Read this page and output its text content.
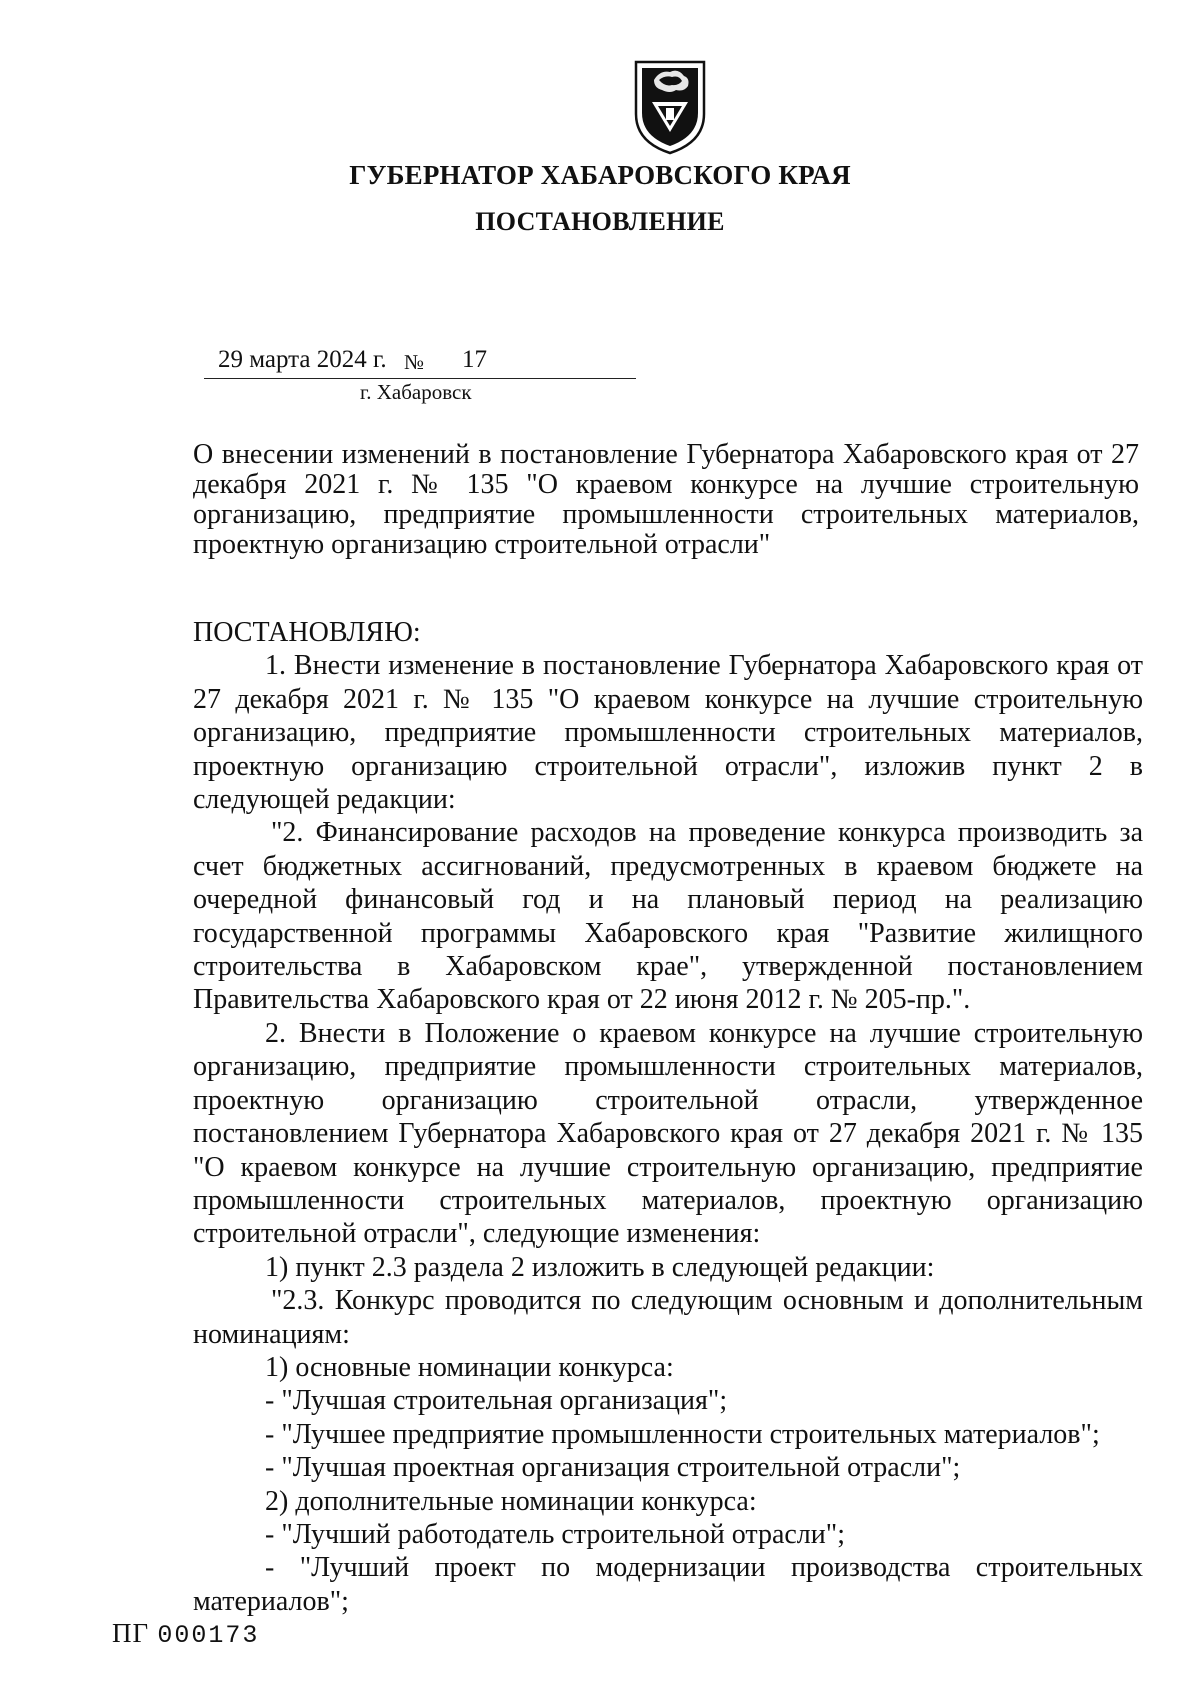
ГУБЕРНАТОР ХАБАРОВСКОГО КРАЯ
ПОСТАНОВЛЕНИЕ
29 марта 2024 г. № 17
г. Хабаровск
О внесении изменений в постановление Губернатора Хабаровского края от 27 декабря 2021 г. № 135 "О краевом конкурсе на лучшие строительную организацию, предприятие промышленности строительных материалов, проектную организацию строительной отрасли"

ПОСТАНОВЛЯЮ:

1. Внести изменение в постановление Губернатора Хабаровского края от 27 декабря 2021 г. № 135 "О краевом конкурсе на лучшие строительную организацию, предприятие промышленности строительных материалов, проектную организацию строительной отрасли", изложив пункт 2 в следующей редакции:

"2. Финансирование расходов на проведение конкурса производить за счет бюджетных ассигнований, предусмотренных в краевом бюджете на очередной финансовый год и на плановый период на реализацию государственной программы Хабаровского края "Развитие жилищного строительства в Хабаровском крае", утвержденной постановлением Правительства Хабаровского края от 22 июня 2012 г. № 205-пр.".

2. Внести в Положение о краевом конкурсе на лучшие строительную организацию, предприятие промышленности строительных материалов, проектную организацию строительной отрасли, утвержденное постановлением Губернатора Хабаровского края от 27 декабря 2021 г. № 135 "О краевом конкурсе на лучшие строительную организацию, предприятие промышленности строительных материалов, проектную организацию строительной отрасли", следующие изменения:

1) пункт 2.3 раздела 2 изложить в следующей редакции:

"2.3. Конкурс проводится по следующим основным и дополнительным номинациям:

1) основные номинации конкурса:

- "Лучшая строительная организация";

- "Лучшее предприятие промышленности строительных материалов";

- "Лучшая проектная организация строительной отрасли";

2) дополнительные номинации конкурса:

- "Лучший работодатель строительной отрасли";

- "Лучший проект по модернизации производства строительных

материалов";

ПГ 000173
